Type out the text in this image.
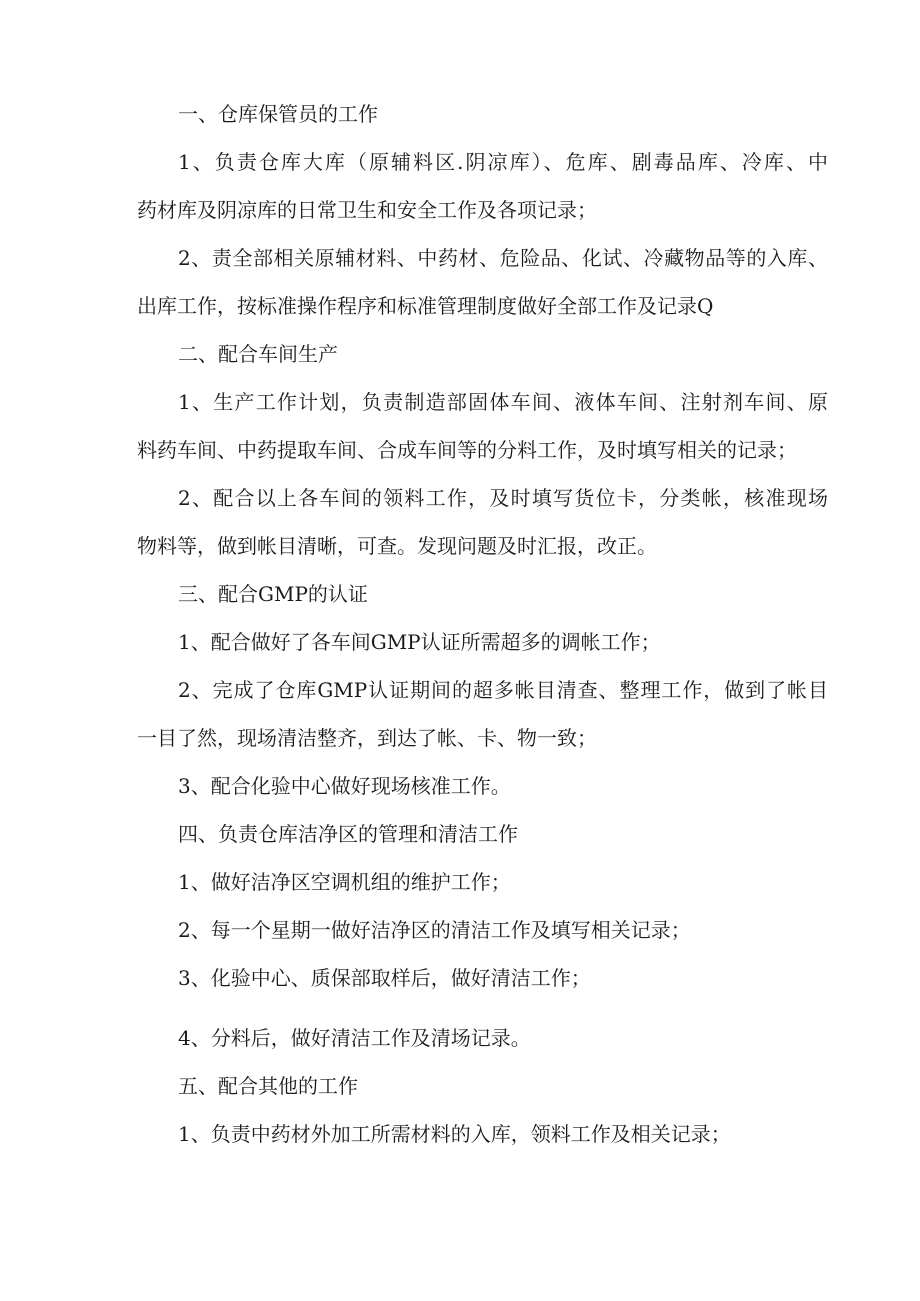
一、仓库保管员的工作

1、负责仓库大库（原辅料区.阴凉库）、危库、剧毒品库、冷库、中

药材库及阴凉库的日常卫生和安全工作及各项记录；

2、责全部相关原辅材料、中药材、危险品、化试、冷藏物品等的入库、

出库工作，按标准操作程序和标准管理制度做好全部工作及记录Q

二、配合车间生产

1、生产工作计划，负责制造部固体车间、液体车间、注射剂车间、原

料药车间、中药提取车间、合成车间等的分料工作，及时填写相关的记录；

2、配合以上各车间的领料工作，及时填写货位卡，分类帐，核准现场

物料等，做到帐目清晰，可查。发现问题及时汇报，改正。

三、配合GMP的认证

1、配合做好了各车间GMP认证所需超多的调帐工作；

2、完成了仓库GMP认证期间的超多帐目清查、整理工作，做到了帐目

一目了然，现场清洁整齐，到达了帐、卡、物一致；

3、配合化验中心做好现场核准工作。

四、负责仓库洁净区的管理和清洁工作

1、做好洁净区空调机组的维护工作；

2、每一个星期一做好洁净区的清洁工作及填写相关记录；

3、化验中心、质保部取样后，做好清洁工作；

4、分料后，做好清洁工作及清场记录。

五、配合其他的工作

1、负责中药材外加工所需材料的入库，领料工作及相关记录；
